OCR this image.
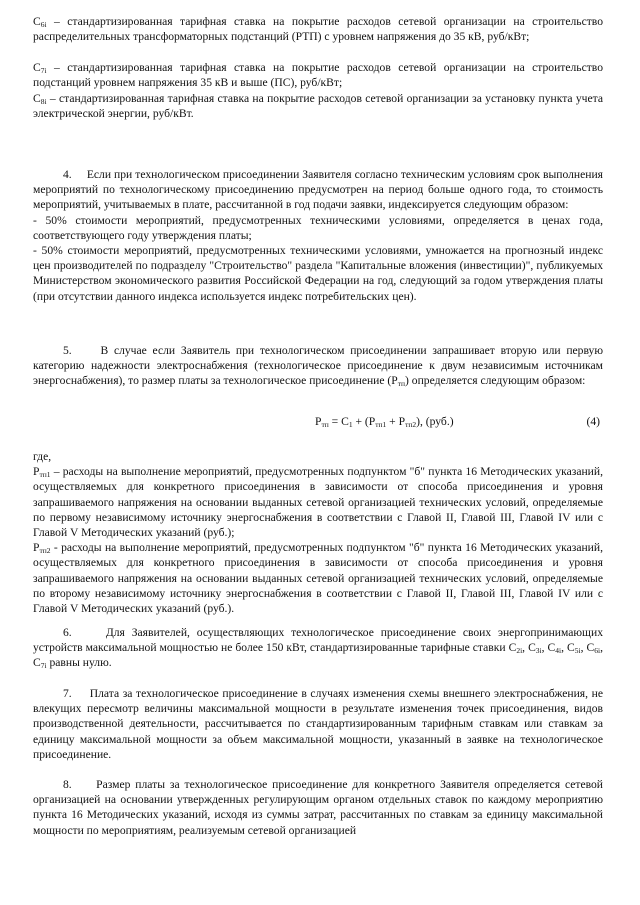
$С_{6i}$ – стандартизированная тарифная ставка на покрытие расходов сетевой организации на строительство распределительных трансформаторных подстанций (РТП) с уровнем напряжения до 35 кВ, руб/кВт;

$С_{7i}$ – стандартизированная тарифная ставка на покрытие расходов сетевой организации на строительство подстанций уровнем напряжения 35 кВ и выше (ПС), руб/кВт;

$С_{8i}$ – стандартизированная тарифная ставка на покрытие расходов сетевой организации за установку пункта учета электрической энергии, руб/кВт.

4.     Если при технологическом присоединении Заявителя согласно техническим условиям срок выполнения мероприятий по технологическому присоединению предусмотрен на период больше одного года, то стоимость мероприятий, учитываемых в плате, рассчитанной в год подачи заявки, индексируется следующим образом:

- 50% стоимости мероприятий, предусмотренных техническими условиями, определяется в ценах года, соответствующего году утверждения платы;

- 50% стоимости мероприятий, предусмотренных техническими условиями, умножается на прогнозный индекс цен производителей по подразделу "Строительство" раздела "Капитальные вложения (инвестиции)", публикуемых Министерством экономического развития Российской Федерации на год, следующий за годом утверждения платы (при отсутствии данного индекса используется индекс потребительских цен).

5.     В случае если Заявитель при технологическом присоединении запрашивает вторую или первую категорию надежности электроснабжения (технологическое присоединение к двум независимым источникам энергоснабжения), то размер платы за технологическое присоединение $(Р_{тп})$ определяется следующим образом:

$Р_{тп} = С_1 + (Р_{тп1} + Р_{тп2})$, (руб.)	(4)

где,

$Р_{тп1}$ – расходы на выполнение мероприятий, предусмотренных подпунктом "б" пункта 16 Методических указаний, осуществляемых для конкретного присоединения в зависимости от способа присоединения и уровня запрашиваемого напряжения на основании выданных сетевой организацией технических условий, определяемые по первому независимому источнику энергоснабжения в соответствии с Главой II, Главой III, Главой IV или с Главой V Методических указаний (руб.);

$Р_{тп2}$ - расходы на выполнение мероприятий, предусмотренных подпунктом "б" пункта 16 Методических указаний, осуществляемых для конкретного присоединения в зависимости от способа присоединения и уровня запрашиваемого напряжения на основании выданных сетевой организацией технических условий, определяемые по второму независимому источнику энергоснабжения в соответствии с Главой II, Главой III, Главой IV или с Главой V Методических указаний (руб.).

6.     Для Заявителей, осуществляющих технологическое присоединение своих энергопринимающих устройств максимальной мощностью не более 150 кВт, стандартизированные тарифные ставки $С_{2i}$, $С_{3i}$, $С_{4i}$, $С_{5i}$, $С_{6i}$, $С_{7i}$ равны нулю.

7.     Плата за технологическое присоединение в случаях изменения схемы внешнего электроснабжения, не влекущих пересмотр величины максимальной мощности в результате изменения точек присоединения, видов производственной деятельности, рассчитывается по стандартизированным тарифным ставкам или ставкам за единицу максимальной мощности за объем максимальной мощности, указанный в заявке на технологическое присоединение.

8.     Размер платы за технологическое присоединение для конкретного Заявителя определяется сетевой организацией на основании утвержденных регулирующим органом отдельных ставок по каждому мероприятию пункта 16 Методических указаний, исходя из суммы затрат, рассчитанных по ставкам за единицу максимальной мощности по мероприятиям, реализуемым сетевой организацией
